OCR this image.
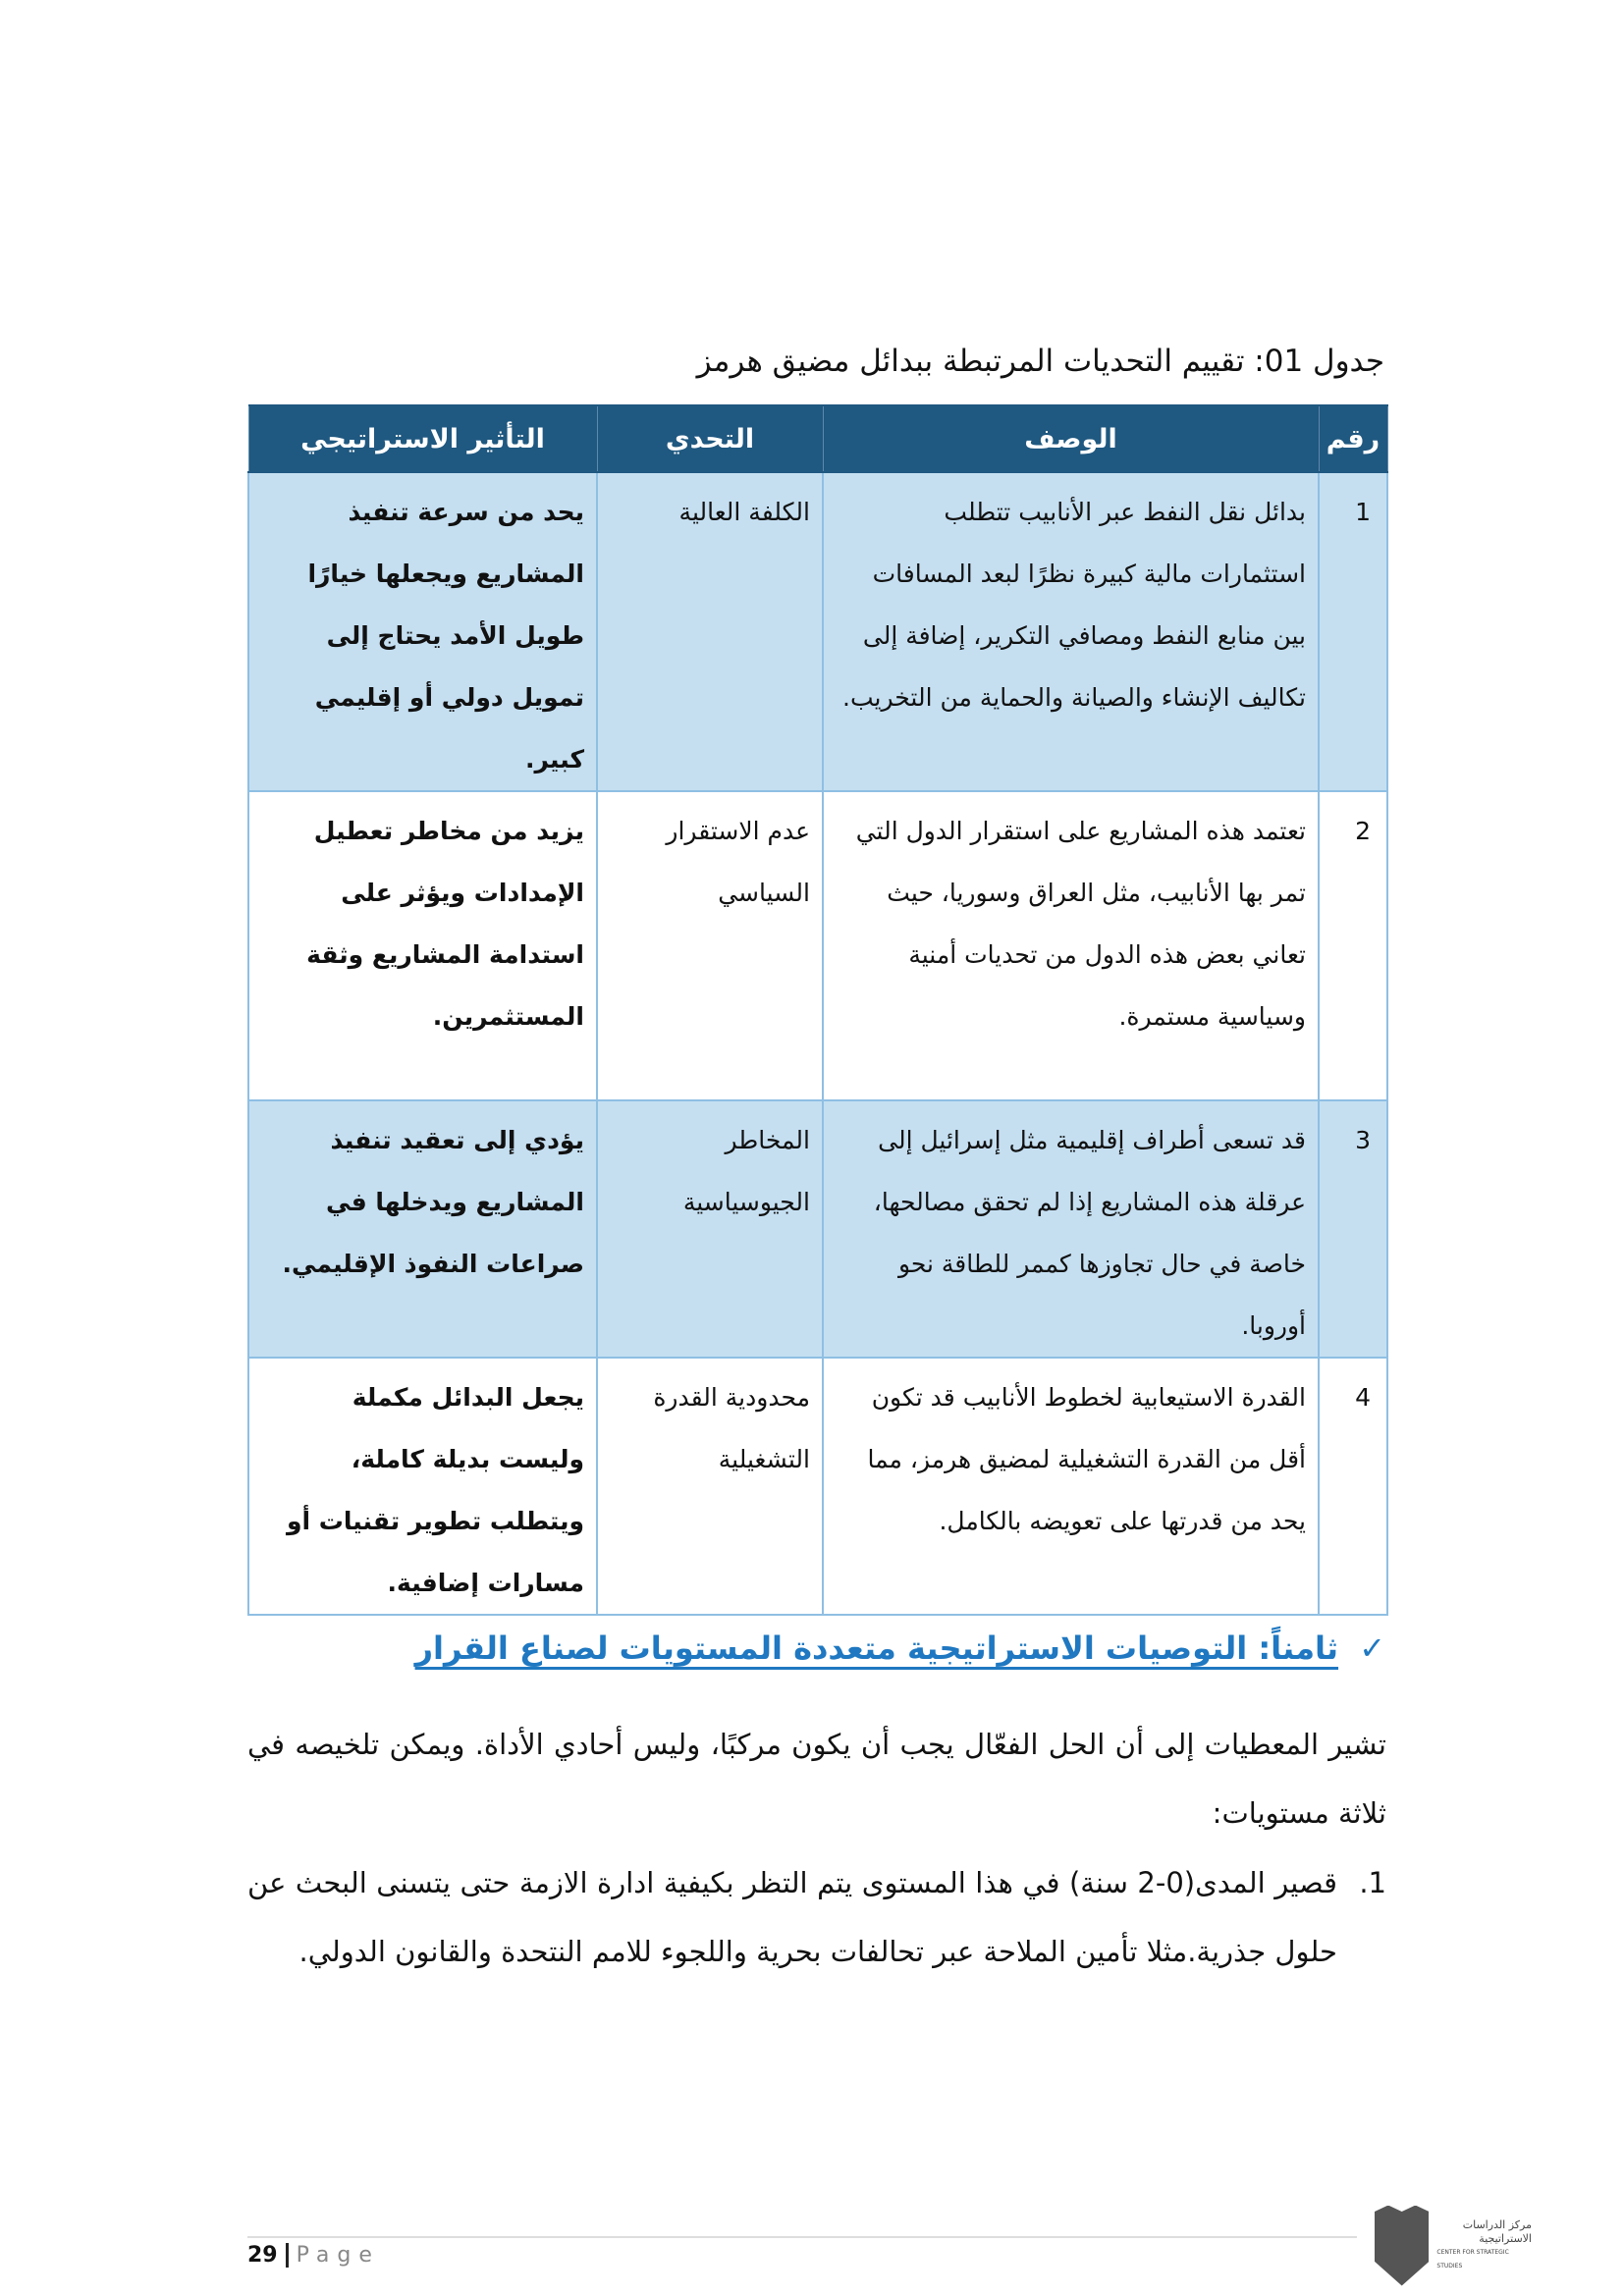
جدول 01: تقييم التحديات المرتبطة ببدائل مضيق هرمز
رقم	الوصف	التحدي	التأثير الاستراتيجي
1	بدائل نقل النفط عبر الأنابيب تتطلب استثمارات مالية كبيرة نظرًا لبعد المسافات بين منابع النفط ومصافي التكرير، إضافة إلى تكاليف الإنشاء والصيانة والحماية من التخريب.	الكلفة العالية	يحد من سرعة تنفيذ المشاريع ويجعلها خيارًا طويل الأمد يحتاج إلى تمويل دولي أو إقليمي كبير.
2	تعتمد هذه المشاريع على استقرار الدول التي تمر بها الأنابيب، مثل العراق وسوريا، حيث تعاني بعض هذه الدول من تحديات أمنية وسياسية مستمرة.	عدم الاستقرار السياسي	يزيد من مخاطر تعطيل الإمدادات ويؤثر على استدامة المشاريع وثقة المستثمرين.
3	قد تسعى أطراف إقليمية مثل إسرائيل إلى عرقلة هذه المشاريع إذا لم تحقق مصالحها، خاصة في حال تجاوزها كممر للطاقة نحو أوروبا.	المخاطر الجيوسياسية	يؤدي إلى تعقيد تنفيذ المشاريع ويدخلها في صراعات النفوذ الإقليمي.
4	القدرة الاستيعابية لخطوط الأنابيب قد تكون أقل من القدرة التشغيلية لمضيق هرمز، مما يحد من قدرتها على تعويضه بالكامل.	محدودية القدرة التشغيلية	يجعل البدائل مكملة وليست بديلة كاملة، ويتطلب تطوير تقنيات أو مسارات إضافية.
✓ ثامناً: التوصيات الاستراتيجية متعددة المستويات لصناع القرار
تشير المعطيات إلى أن الحل الفعّال يجب أن يكون مركبًا، وليس أحادي الأداة. ويمكن تلخيصه في ثلاثة مستويات:
1.
قصير المدى(0-2 سنة) في هذا المستوى يتم التظر بكيفية ادارة الازمة حتى يتسنى البحث عن حلول جذرية.مثلا تأمين الملاحة عبر تحالفات بحرية واللجوء للامم النتحدة والقانون الدولي.
29 Page
مركز الدراسات
الاستراتيجية
CENTER FOR STRATEGIC STUDIES
